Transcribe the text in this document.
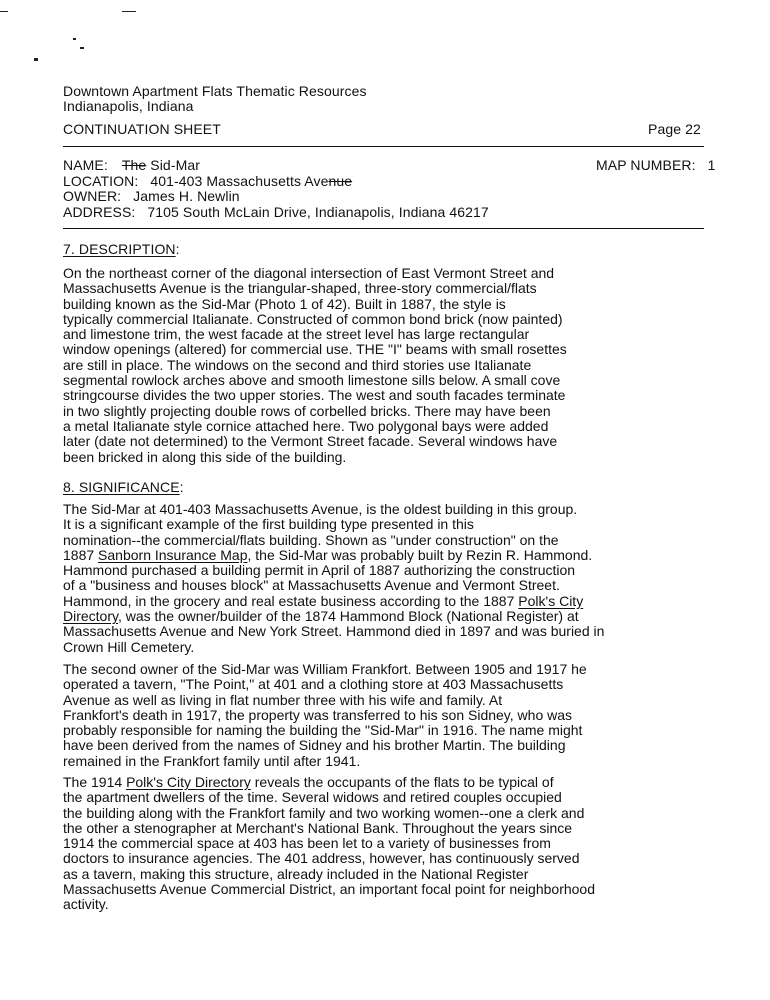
Downtown Apartment Flats Thematic Resources
Indianapolis, Indiana
CONTINUATION SHEET	Page 22
NAME: The Sid-Mar	MAP NUMBER: 1
LOCATION: 401-403 Massachusetts Avenue
OWNER: James H. Newlin
ADDRESS: 7105 South McLain Drive, Indianapolis, Indiana 46217
7. DESCRIPTION:
On the northeast corner of the diagonal intersection of East Vermont Street and
Massachusetts Avenue is the triangular-shaped, three-story commercial/flats
building known as the Sid-Mar (Photo 1 of 42). Built in 1887, the style is
typically commercial Italianate. Constructed of common bond brick (now painted)
and limestone trim, the west facade at the street level has large rectangular
window openings (altered) for commercial use. THE "I" beams with small rosettes
are still in place. The windows on the second and third stories use Italianate
segmental rowlock arches above and smooth limestone sills below. A small cove
stringcourse divides the two upper stories. The west and south facades terminate
in two slightly projecting double rows of corbelled bricks. There may have been
a metal Italianate style cornice attached here. Two polygonal bays were added
later (date not determined) to the Vermont Street facade. Several windows have
been bricked in along this side of the building.
8. SIGNIFICANCE:
The Sid-Mar at 401-403 Massachusetts Avenue, is the oldest building in this group.
It is a significant example of the first building type presented in this
nomination--the commercial/flats building. Shown as "under construction" on the
1887 Sanborn Insurance Map, the Sid-Mar was probably built by Rezin R. Hammond.
Hammond purchased a building permit in April of 1887 authorizing the construction
of a "business and houses block" at Massachusetts Avenue and Vermont Street.
Hammond, in the grocery and real estate business according to the 1887 Polk's City
Directory, was the owner/builder of the 1874 Hammond Block (National Register) at
Massachusetts Avenue and New York Street. Hammond died in 1897 and was buried in
Crown Hill Cemetery.
The second owner of the Sid-Mar was William Frankfort. Between 1905 and 1917 he
operated a tavern, "The Point," at 401 and a clothing store at 403 Massachusetts
Avenue as well as living in flat number three with his wife and family. At
Frankfort's death in 1917, the property was transferred to his son Sidney, who was
probably responsible for naming the building the "Sid-Mar" in 1916. The name might
have been derived from the names of Sidney and his brother Martin. The building
remained in the Frankfort family until after 1941.
The 1914 Polk's City Directory reveals the occupants of the flats to be typical of
the apartment dwellers of the time. Several widows and retired couples occupied
the building along with the Frankfort family and two working women--one a clerk and
the other a stenographer at Merchant's National Bank. Throughout the years since
1914 the commercial space at 403 has been let to a variety of businesses from
doctors to insurance agencies. The 401 address, however, has continuously served
as a tavern, making this structure, already included in the National Register
Massachusetts Avenue Commercial District, an important focal point for neighborhood
activity.
